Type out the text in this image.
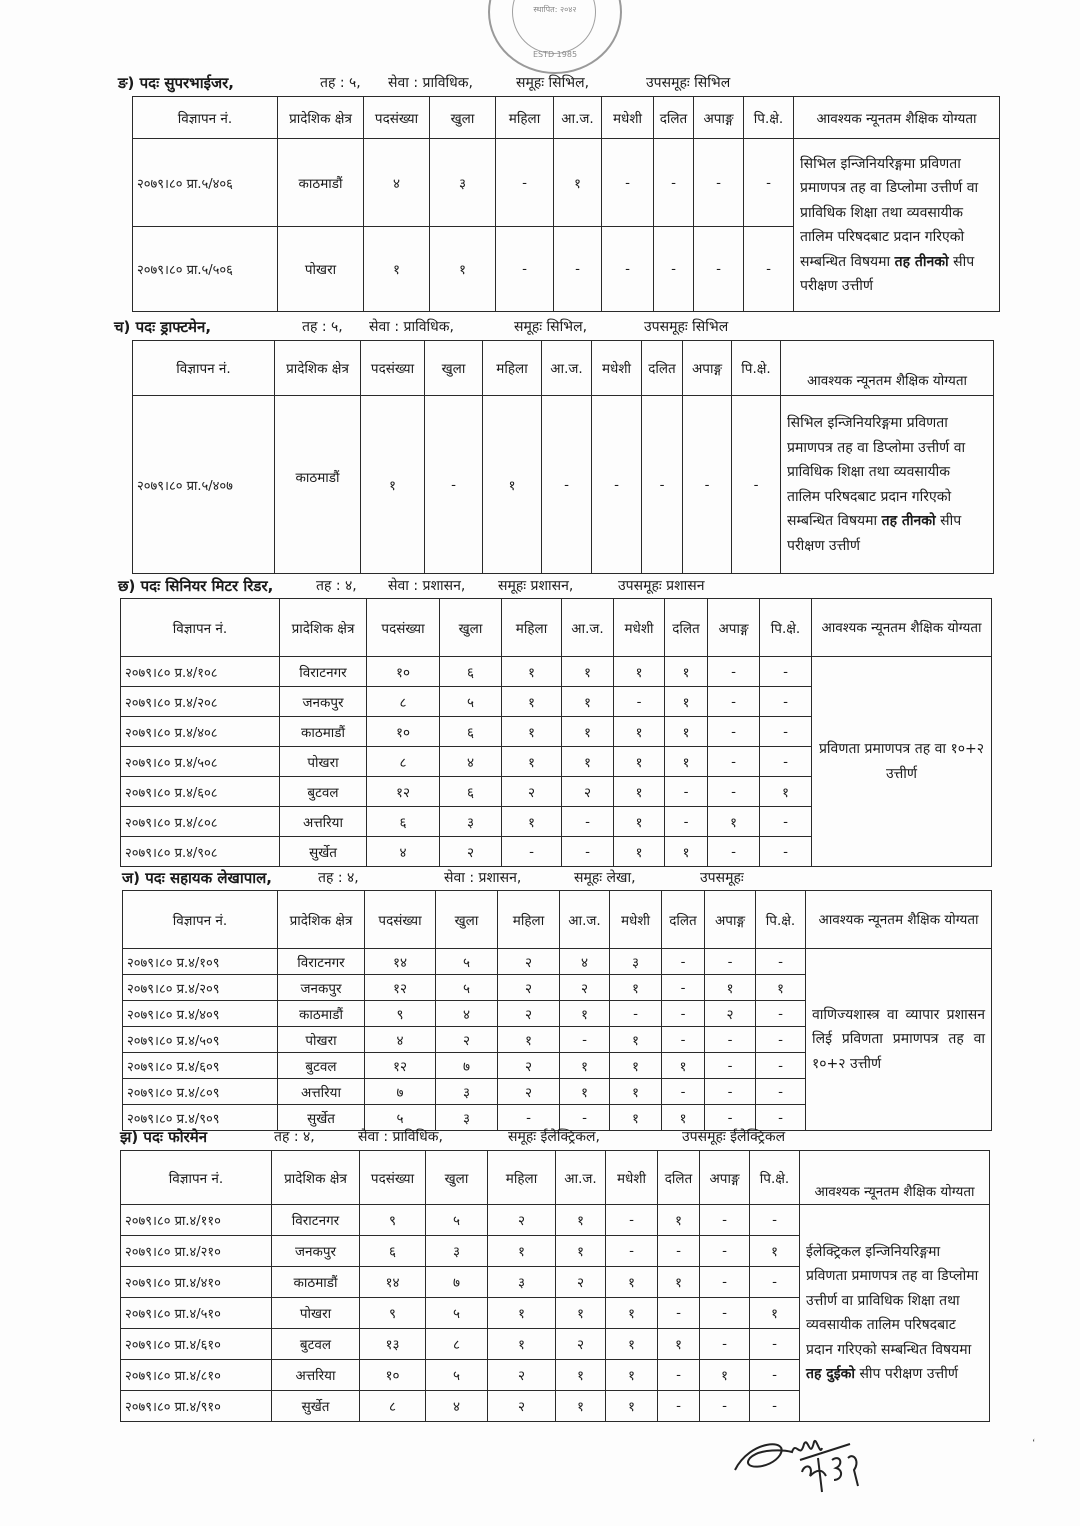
स्थापित: २०४२
ESTD 1985
ङ) पदः सुपरभाईजर,	तह : ५, सेवा : प्राविधिक,	समूहः सिभिल,	उपसमूहः सिभिल
विज्ञापन नं.	प्रादेशिक क्षेत्र	पदसंख्या	खुला	महिला	आ.ज.	मधेशी	दलित	अपाङ्ग	पि.क्षे.	आवश्यक न्यूनतम शैक्षिक योग्यता
२०७९।८० प्रा.५/४०६	काठमाडौं	४	३	-	१	-	-	-	-	सिभिल इन्जिनियरिङ्गमा प्रविणता प्रमाणपत्र तह वा डिप्लोमा उत्तीर्ण वा प्राविधिक शिक्षा तथा व्यवसायीक तालिम परिषदबाट प्रदान गरिएको सम्बन्धित विषयमा तह तीनको सीप परीक्षण उत्तीर्ण
२०७९।८० प्रा.५/५०६	पोखरा	१	१	-	-	-	-	-	-	
च) पदः ड्राफ्टमेन,	तह : ५, सेवा : प्राविधिक,	समूहः सिभिल,	उपसमूहः सिभिल
विज्ञापन नं.	प्रादेशिक क्षेत्र	पदसंख्या	खुला	महिला	आ.ज.	मधेशी	दलित	अपाङ्ग	पि.क्षे.	आवश्यक न्यूनतम शैक्षिक योग्यता
२०७९।८० प्रा.५/४०७	काठमाडौं	१	-	१	-	-	-	-	-	सिभिल इन्जिनियरिङ्गमा प्रविणता प्रमाणपत्र तह वा डिप्लोमा उत्तीर्ण वा प्राविधिक शिक्षा तथा व्यवसायीक तालिम परिषदबाट प्रदान गरिएको सम्बन्धित विषयमा तह तीनको सीप परीक्षण उत्तीर्ण
छ) पदः सिनियर मिटर रिडर,	तह : ४, सेवा : प्रशासन, समूहः प्रशासन,	उपसमूहः प्रशासन
विज्ञापन नं.	प्रादेशिक क्षेत्र	पदसंख्या	खुला	महिला	आ.ज.	मधेशी	दलित	अपाङ्ग	पि.क्षे.	आवश्यक न्यूनतम शैक्षिक योग्यता
२०७९।८० प्र.४/१०८	विराटनगर	१०	६	१	१	१	१	-	-	प्रविणता प्रमाणपत्र तह वा १०+२ उत्तीर्ण
२०७९।८० प्र.४/२०८	जनकपुर	८	५	१	१	-	१	-	-	
२०७९।८० प्र.४/४०८	काठमाडौं	१०	६	१	१	१	१	-	-	
२०७९।८० प्र.४/५०८	पोखरा	८	४	१	१	१	१	-	-	
२०७९।८० प्र.४/६०८	बुटवल	१२	६	२	२	१	-	-	१	
२०७९।८० प्र.४/८०८	अत्तरिया	६	३	१	-	१	-	१	-	
२०७९।८० प्र.४/९०८	सुर्खेत	४	२	-	-	१	१	-	-	
ज) पदः सहायक लेखापाल,	तह : ४,	सेवा : प्रशासन,	समूहः लेखा,	उपसमूहः
विज्ञापन नं.	प्रादेशिक क्षेत्र	पदसंख्या	खुला	महिला	आ.ज.	मधेशी	दलित	अपाङ्ग	पि.क्षे.	आवश्यक न्यूनतम शैक्षिक योग्यता
२०७९।८० प्र.४/१०९	विराटनगर	१४	५	२	४	३	-	-	-	वाणिज्यशास्त्र वा व्यापार प्रशासन लिई प्रविणता प्रमाणपत्र तह वा १०+२ उत्तीर्ण
२०७९।८० प्र.४/२०९	जनकपुर	१२	५	२	२	१	-	१	१	
२०७९।८० प्र.४/४०९	काठमाडौं	९	४	२	१	-	-	२	-	
२०७९।८० प्र.४/५०९	पोखरा	४	२	१	-	१	-	-	-	
२०७९।८० प्र.४/६०९	बुटवल	१२	७	२	१	१	१	-	-	
२०७९।८० प्र.४/८०९	अत्तरिया	७	३	२	१	१	-	-	-	
२०७९।८० प्र.४/९०९	सुर्खेत	५	३	-	-	१	१	-	-	
झ) पदः फोरमेन	तह : ४,	सेवा : प्राविधिक,	समूहः ईलेक्ट्रिकल,	उपसमूहः ईलेक्ट्रिकल
विज्ञापन नं.	प्रादेशिक क्षेत्र	पदसंख्या	खुला	महिला	आ.ज.	मधेशी	दलित	अपाङ्ग	पि.क्षे.	आवश्यक न्यूनतम शैक्षिक योग्यता
२०७९।८० प्रा.४/११०	विराटनगर	९	५	२	१	-	१	-	-	ईलेक्ट्रिकल इन्जिनियरिङ्गमा प्रविणता प्रमाणपत्र तह वा डिप्लोमा उत्तीर्ण वा प्राविधिक शिक्षा तथा व्यवसायीक तालिम परिषदबाट प्रदान गरिएको सम्बन्धित विषयमा तह दुईको सीप परीक्षण उत्तीर्ण
२०७९।८० प्रा.४/२१०	जनकपुर	६	३	१	१	-	-	-	१	
२०७९।८० प्रा.४/४१०	काठमाडौं	१४	७	३	२	१	१	-	-	
२०७९।८० प्रा.४/५१०	पोखरा	९	५	१	१	१	-	-	१	
२०७९।८० प्रा.४/६१०	बुटवल	१३	८	१	२	१	१	-	-	
२०७९।८० प्रा.४/८१०	अत्तरिया	१०	५	२	१	१	-	१	-	
२०७९।८० प्रा.४/९१०	सुर्खेत	८	४	२	१	१	-	-	-	
ʻ
